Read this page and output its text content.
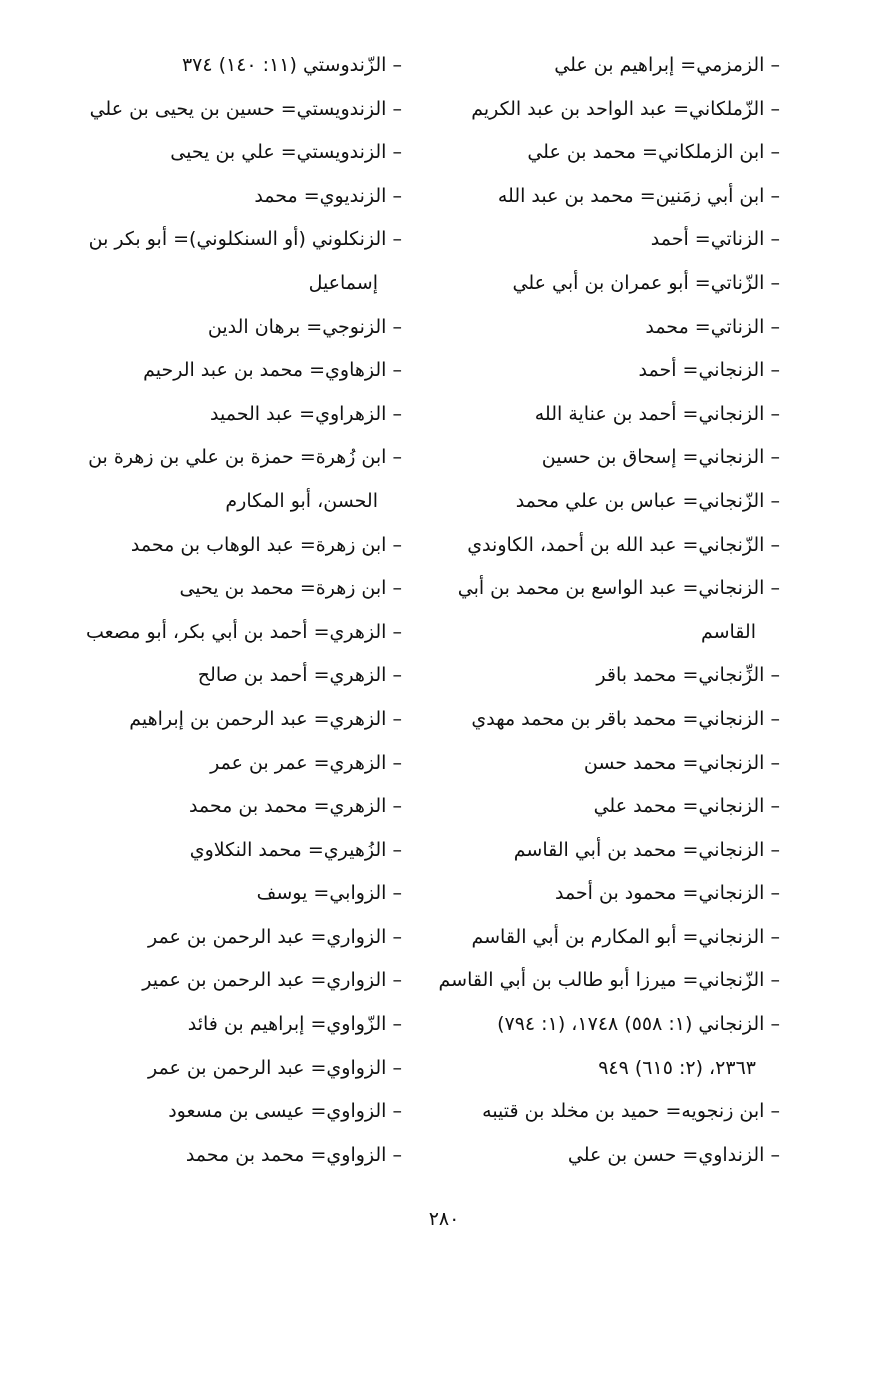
– الزمزمي= إبراهيم بن علي
– الزّملكاني= عبد الواحد بن عبد الكريم
– ابن الزملكاني= محمد بن علي
– ابن أبي زمَنين= محمد بن عبد الله
– الزناتي= أحمد
– الزّناتي= أبو عمران بن أبي علي
– الزناتي= محمد
– الزنجاني= أحمد
– الزنجاني= أحمد بن عناية الله
– الزنجاني= إسحاق بن حسين
– الزّنجاني= عباس بن علي محمد
– الزّنجاني= عبد الله بن أحمد، الكاوندي
– الزنجاني= عبد الواسع بن محمد بن أبي
القاسم
– الزِّنجاني= محمد باقر
– الزنجاني= محمد باقر بن محمد مهدي
– الزنجاني= محمد حسن
– الزنجاني= محمد علي
– الزنجاني= محمد بن أبي القاسم
– الزنجاني= محمود بن أحمد
– الزنجاني= أبو المكارم بن أبي القاسم
– الزّنجاني= ميرزا أبو طالب بن أبي القاسم
– الزنجاني (١: ٥٥٨) ١٧٤٨، (١: ٧٩٤)
٢٣٦٣، (٢: ٦١٥) ٩٤٩
– ابن زنجويه= حميد بن مخلد بن قتيبه
– الزنداوي= حسن بن علي
– الزّندوستي (١١: ١٤٠) ٣٧٤
– الزندويستي= حسين بن يحيى بن علي
– الزندويستي= علي بن يحيى
– الزنديوي= محمد
– الزنكلوني (أو السنكلوني)= أبو بكر بن
إسماعيل
– الزنوجي= برهان الدين
– الزهاوي= محمد بن عبد الرحيم
– الزهراوي= عبد الحميد
– ابن زُهرة= حمزة بن علي بن زهرة بن
الحسن، أبو المكارم
– ابن زهرة= عبد الوهاب بن محمد
– ابن زهرة= محمد بن يحيى
– الزهري= أحمد بن أبي بكر، أبو مصعب
– الزهري= أحمد بن صالح
– الزهري= عبد الرحمن بن إبراهيم
– الزهري= عمر بن عمر
– الزهري= محمد بن محمد
– الزُهيري= محمد النكلاوي
– الزوابي= يوسف
– الزواري= عبد الرحمن بن عمر
– الزواري= عبد الرحمن بن عمير
– الزّواوي= إبراهيم بن فائد
– الزواوي= عبد الرحمن بن عمر
– الزواوي= عيسى بن مسعود
– الزواوي= محمد بن محمد
٢٨٠
